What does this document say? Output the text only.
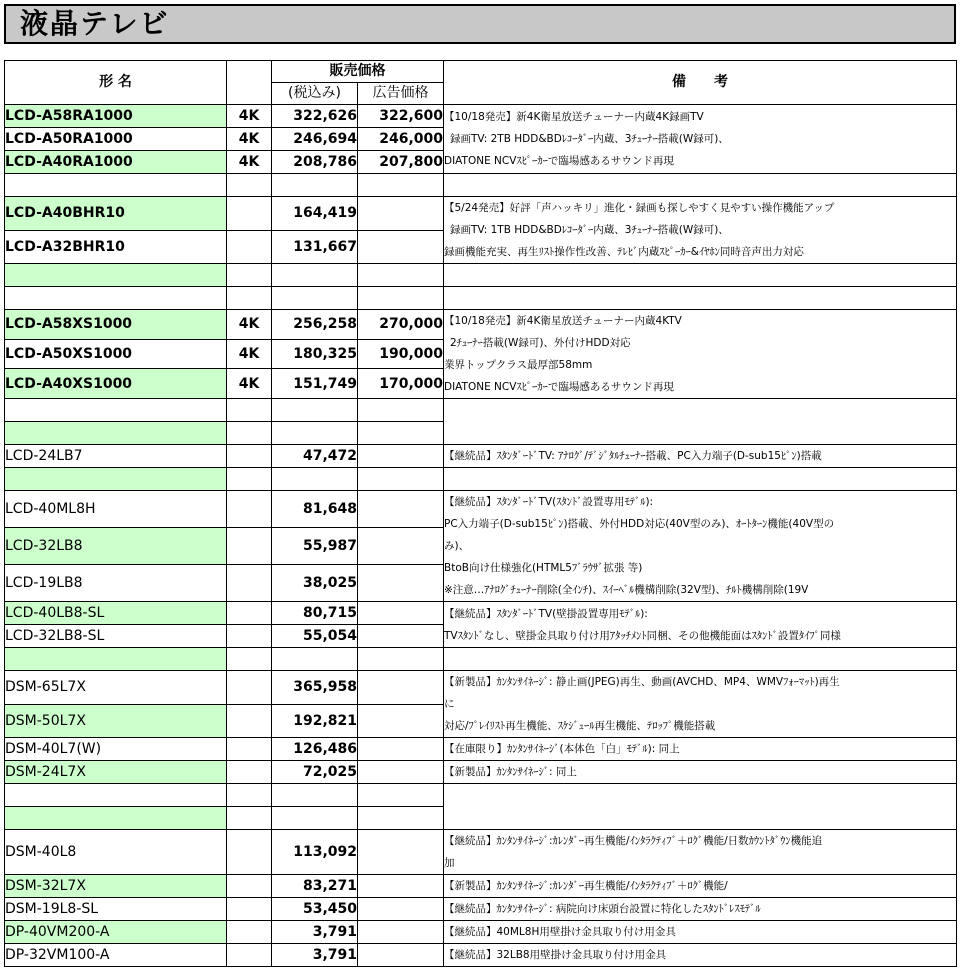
液晶テレビ
形 名		販売価格		備　　考
		(税込み)	広告価格	
LCD-A58RA1000	4K	322,626	322,600	【10/18発売】新4K衛星放送チューナー内蔵4K録画TV
録画TV: 2TB HDD&BDﾚｺｰﾀﾞｰ内蔵、3ﾁｭｰﾅｰ搭載(W録可)、
DIATONE NCVｽﾋﾟｰｶｰで臨場感あるサウンド再現

LCD-A50RA1000	4K	246,694	246,000	
LCD-A40RA1000	4K	208,786	207,800	

LCD-A40BHR10		164,419		【5/24発売】好評「声ハッキリ」進化・録画も探しやすく見やすい操作機能アップ
録画TV: 1TB HDD&BDﾚｺｰﾀﾞｰ内蔵、3ﾁｭｰﾅｰ搭載(W録可)、
録画機能充実、再生ﾘｽﾄ操作性改善、ﾃﾚﾋﾞ内蔵ｽﾋﾟｰｶｰ&ｲﾔﾎﾝ同時音声出力対応

LCD-A32BHR10		131,667		

LCD-A58XS1000	4K	256,258	270,000	【10/18発売】新4K衛星放送チューナー内蔵4KTV
2ﾁｭｰﾅｰ搭載(W録可)、外付けHDD対応
業界トップクラス最厚部58mm
DIATONE NCVｽﾋﾟｰｶｰで臨場感あるサウンド再現

LCD-A50XS1000	4K	180,325	190,000	
LCD-A40XS1000	4K	151,749	170,000	

LCD-24LB7		47,472		【継続品】ｽﾀﾝﾀﾞｰﾄﾞTV: ｱﾅﾛｸﾞ/ﾃﾞｼﾞﾀﾙﾁｭｰﾅｰ搭載、PC入力端子(D-sub15ﾋﾟﾝ)搭載

LCD-40ML8H		81,648		【継続品】ｽﾀﾝﾀﾞｰﾄﾞTV(ｽﾀﾝﾄﾞ設置専用ﾓﾃﾞﾙ):
PC入力端子(D-sub15ﾋﾟﾝ)搭載、外付HDD対応(40V型のみ)、ｵｰﾄﾀｰﾝ機能(40V型の
み)、
BtoB向け仕様強化(HTML5ﾌﾞﾗｳｻﾞ拡張 等)
※注意…ｱﾅﾛｸﾞﾁｭｰﾅｰ削除(全ｲﾝﾁ)、ｽｲｰﾍﾞﾙ機構削除(32V型)、ﾁﾙﾄ機構削除(19V

LCD-32LB8		55,987		
LCD-19LB8		38,025		
LCD-40LB8-SL		80,715		【継続品】ｽﾀﾝﾀﾞｰﾄﾞTV(壁掛設置専用ﾓﾃﾞﾙ):
TVｽﾀﾝﾄﾞなし、壁掛金具取り付け用ｱﾀｯﾁﾒﾝﾄ同梱、その他機能面はｽﾀﾝﾄﾞ設置ﾀｲﾌﾟ同様

LCD-32LB8-SL		55,054		

DSM-65L7X		365,958		【新製品】ｶﾝﾀﾝｻｲﾈｰｼﾞ: 静止画(JPEG)再生、動画(AVCHD、MP4、WMVﾌｫｰﾏｯﾄ)再生
に
対応/ﾌﾟﾚｲﾘｽﾄ再生機能、ｽｹｼﾞｭｰﾙ再生機能、ﾃﾛｯﾌﾟ機能搭載

DSM-50L7X		192,821		
DSM-40L7(W)		126,486		【在庫限り】ｶﾝﾀﾝｻｲﾈｰｼﾞ(本体色「白」ﾓﾃﾞﾙ): 同上

DSM-24L7X		72,025		【新製品】ｶﾝﾀﾝｻｲﾈｰｼﾞ: 同上

DSM-40L8		113,092		【継続品】ｶﾝﾀﾝｻｲﾈｰｼﾞ:ｶﾚﾝﾀﾞｰ再生機能/ｲﾝﾀﾗｸﾃｨﾌﾞ＋ﾛｸﾞ機能/日数ｶｳﾝﾄﾀﾞｳﾝ機能追
加

DSM-32L7X		83,271		【新製品】ｶﾝﾀﾝｻｲﾈｰｼﾞ:ｶﾚﾝﾀﾞｰ再生機能/ｲﾝﾀﾗｸﾃｨﾌﾞ＋ﾛｸﾞ機能/

DSM-19L8-SL		53,450		【継続品】ｶﾝﾀﾝｻｲﾈｰｼﾞ: 病院向け床頭台設置に特化したｽﾀﾝﾄﾞﾚｽﾓﾃﾞﾙ

DP-40VM200-A		3,791		【継続品】40ML8H用壁掛け金具取り付け用金具

DP-32VM100-A		3,791		【継続品】32LB8用壁掛け金具取り付け用金具
